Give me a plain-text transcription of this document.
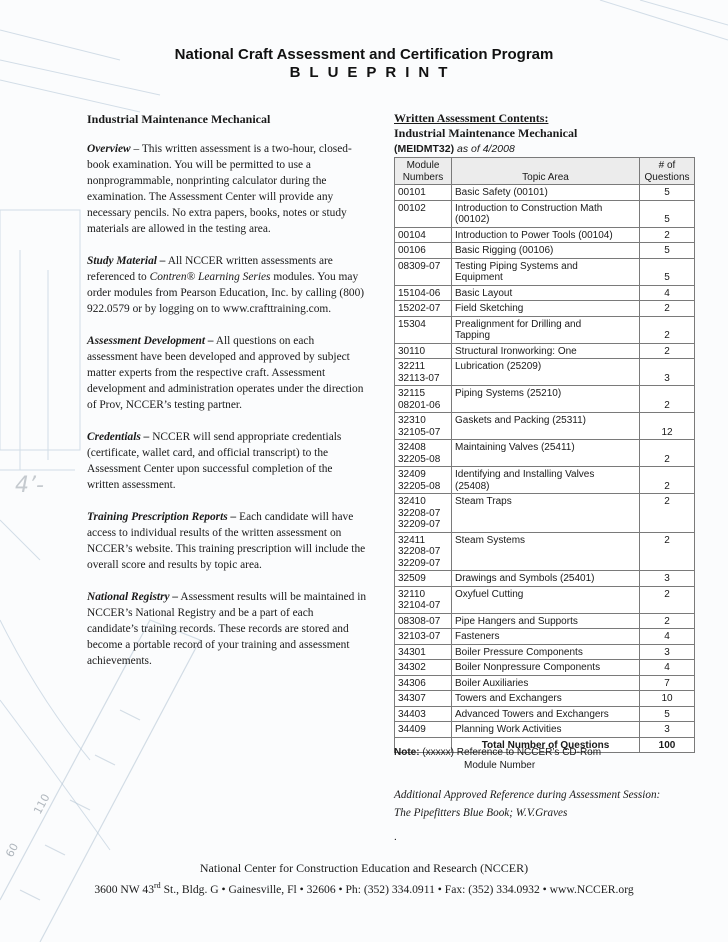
4’-
110
60
National Craft Assessment and Certification Program
BLUEPRINT
Industrial Maintenance Mechanical

Overview – This written assessment is a two-hour, closed-book examination. You will be permitted to use a nonprogrammable, nonprinting calculator during the examination. The Assessment Center will provide any necessary pencils. No extra papers, books, notes or study materials are allowed in the testing area.

Study Material – All NCCER written assessments are referenced to Contren® Learning Series modules. You may order modules from Pearson Education, Inc. by calling (800) 922.0579 or by logging on to www.crafttraining.com.

Assessment Development – All questions on each assessment have been developed and approved by subject matter experts from the respective craft. Assessment development and administration operates under the direction of Prov, NCCER’s testing partner.

Credentials – NCCER will send appropriate credentials (certificate, wallet card, and official transcript) to the Assessment Center upon successful completion of the written assessment.

Training Prescription Reports – Each candidate will have access to individual results of the written assessment on NCCER’s website. This training prescription will include the overall score and results by topic area.

National Registry – Assessment results will be maintained in NCCER’s National Registry and be a part of each candidate’s training records. These records are stored and become a portable record of your training and assessment achievements.

Written Assessment Contents:
Industrial Maintenance Mechanical
(MEIDMT32) as of 4/2008
Module
Numbers	Topic Area	# of
Questions

00101	Basic Safety (00101)	5

00102	Introduction to Construction Math
(00102)	5

00104	Introduction to Power Tools (00104)	2

00106	Basic Rigging (00106)	5

08309-07	Testing Piping Systems and
Equipment	5

15104-06	Basic Layout	4

15202-07	Field Sketching	2

15304	Prealignment for Drilling and
Tapping	2

30110	Structural Ironworking: One	2

32211
32113-07	Lubrication (25209)	3

32115
08201-06	Piping Systems (25210)	2

32310
32105-07	Gaskets and Packing (25311)	12

32408
32205-08	Maintaining Valves (25411)	2

32409
32205-08	Identifying and Installing Valves
(25408)	2

32410
32208-07
32209-07	Steam Traps	2

32411
32208-07
32209-07	Steam Systems	2

32509	Drawings and Symbols (25401)	3

32110
32104-07	Oxyfuel Cutting	2

08308-07	Pipe Hangers and Supports	2

32103-07	Fasteners	4

34301	Boiler Pressure Components	3

34302	Boiler Nonpressure Components	4

34306	Boiler Auxiliaries	7

34307	Towers and Exchangers	10

34403	Advanced Towers and Exchangers	5

34409	Planning Work Activities	3
	Total Number of Questions	100
Note: (xxxxx) Reference to NCCER’s CD-Rom
Module Number
Additional Approved Reference during Assessment Session:
The Pipefitters Blue Book; W.V.Graves
.
National Center for Construction Education and Research (NCCER)
3600 NW 43rd St., Bldg. G • Gainesville, Fl • 32606 • Ph: (352) 334.0911 • Fax: (352) 334.0932 • www.NCCER.org
